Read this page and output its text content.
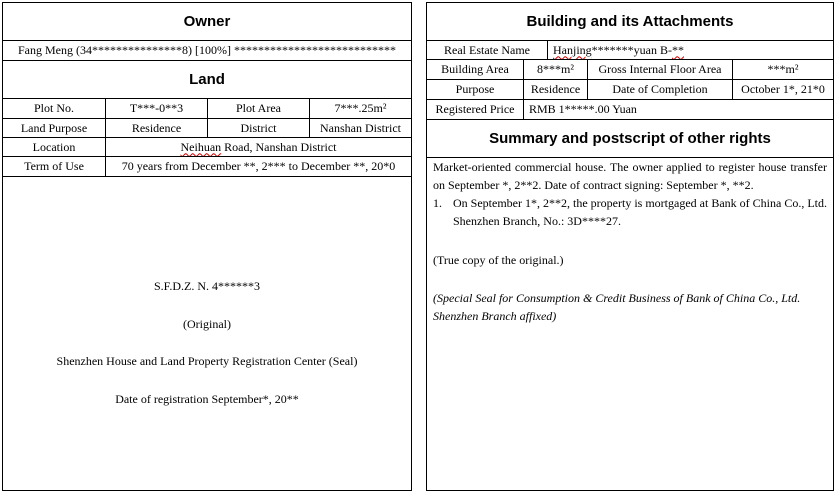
Owner
Fang Meng (34***************8) [100%] ***************************
Land
Plot No.	T***-0**3	Plot Area	7***.25m²
Land Purpose	Residence	District	Nanshan District
Location	Neihuan Road, Nanshan District
Term of Use	70 years from December **, 2*** to December **, 20*0
S.F.D.Z. N. 4******3
(Original)
Shenzhen House and Land Property Registration Center (Seal)
Date of registration September*, 20**
Building and its Attachments
Real Estate Name	Hanjing *******yuan B- **
Building Area	8***m²	Gross Internal Floor Area	***m²
Purpose	Residence	Date of Completion	October 1*, 21*0
Registered Price	RMB 1*****.00 Yuan
Summary and postscript of other rights
Market-oriented commercial house. The owner applied to register house transfer on September *, 2**2. Date of contract signing: September *, **2.
1. On September 1*, 2**2, the property is mortgaged at Bank of China Co., Ltd. Shenzhen Branch, No.: 3D****27.
(True copy of the original.)
(Special Seal for Consumption & Credit Business of Bank of China Co., Ltd. Shenzhen Branch affixed)
